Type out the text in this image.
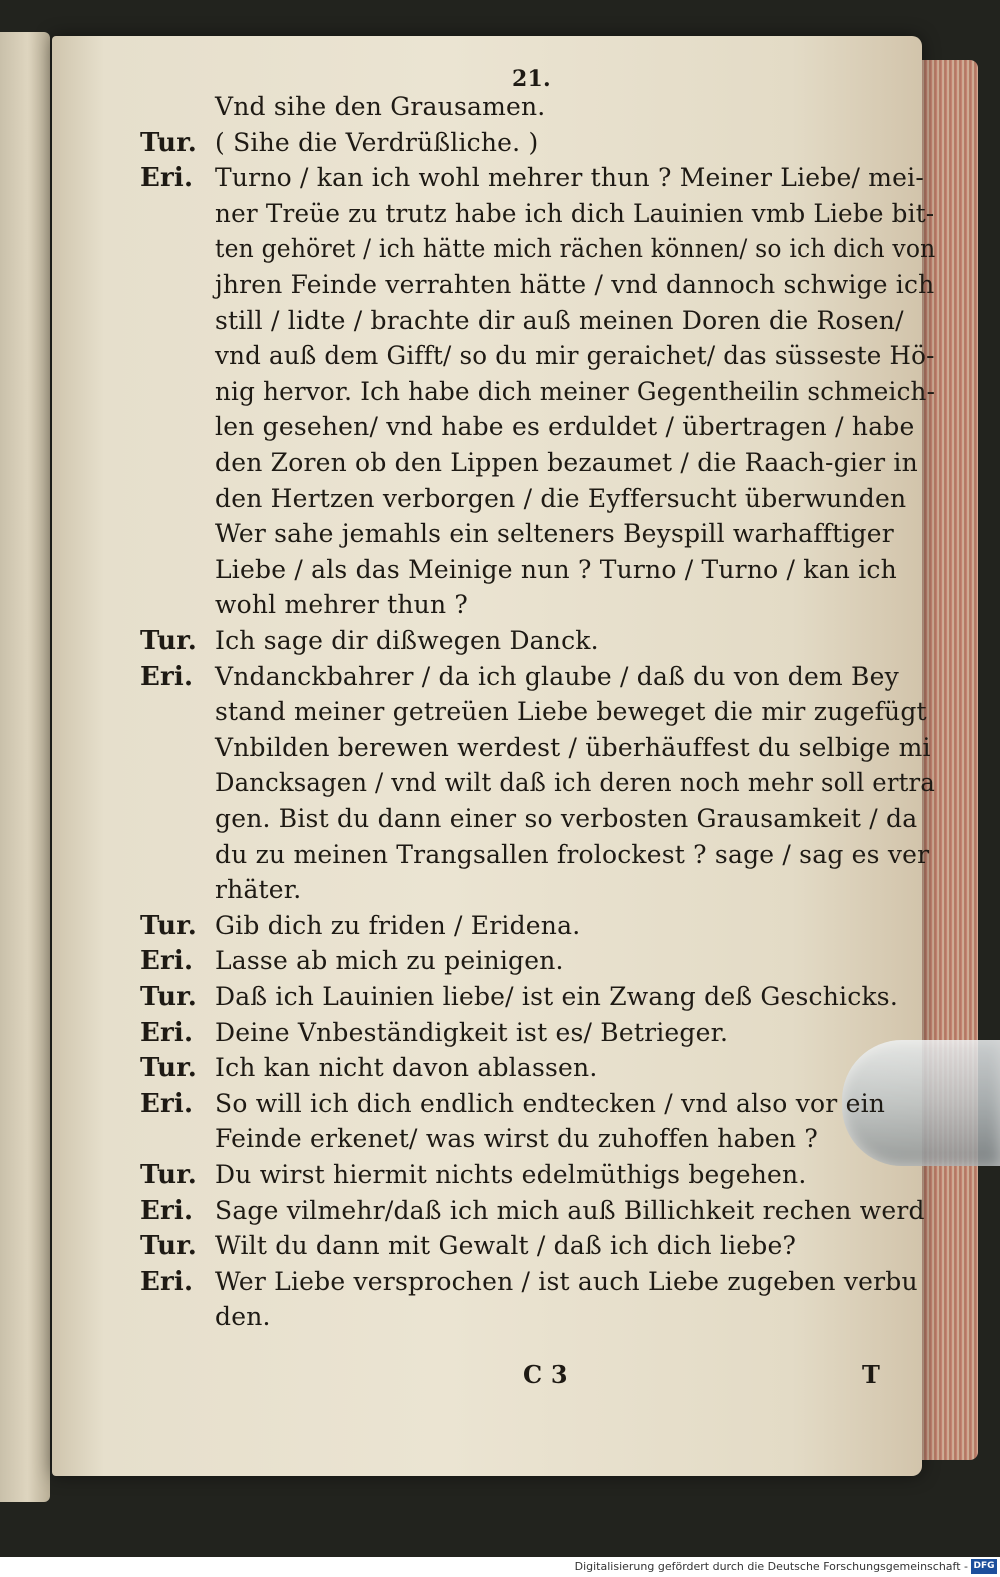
21.
Vnd sihe den Grausamen.
Tur. ( Sihe die Verdrüßliche. )
Eri. Turno / kan ich wohl mehrer thun ? Meiner Liebe/ mei-
ner Treüe zu trutz habe ich dich Lauinien vmb Liebe bit-
ten gehöret / ich hätte mich rächen können/ so ich dich von
jhren Feinde verrahten hätte / vnd dannoch schwige ich
still / lidte / brachte dir auß meinen Doren die Rosen/
vnd auß dem Gifft/ so du mir geraichet/ das süsseste Hö-
nig hervor. Ich habe dich meiner Gegentheilin schmeich-
len gesehen/ vnd habe es erduldet / übertragen / habe
den Zoren ob den Lippen bezaumet / die Raach-gier in
den Hertzen verborgen / die Eyffersucht überwunden
Wer sahe jemahls ein selteners Beyspill warhafftiger
Liebe / als das Meinige nun ? Turno / Turno / kan ich
wohl mehrer thun ?
Tur. Ich sage dir dißwegen Danck.
Eri. Vndanckbahrer / da ich glaube / daß du von dem Bey
stand meiner getreüen Liebe beweget die mir zugefügt
Vnbilden berewen werdest / überhäuffest du selbige mi
Dancksagen / vnd wilt daß ich deren noch mehr soll ertra
gen. Bist du dann einer so verbosten Grausamkeit / da
du zu meinen Trangsallen frolockest ? sage / sag es ver
rhäter.
Tur. Gib dich zu friden / Eridena.
Eri. Lasse ab mich zu peinigen.
Tur. Daß ich Lauinien liebe/ ist ein Zwang deß Geschicks.
Eri. Deine Vnbeständigkeit ist es/ Betrieger.
Tur. Ich kan nicht davon ablassen.
Eri. So will ich dich endlich endtecken / vnd also vor ein
Feinde erkenet/ was wirst du zuhoffen haben ?
Tur. Du wirst hiermit nichts edelmüthigs begehen.
Eri. Sage vilmehr/daß ich mich auß Billichkeit rechen werd
Tur. Wilt du dann mit Gewalt / daß ich dich liebe?
Eri. Wer Liebe versprochen / ist auch Liebe zugeben verbu
den.
C 3	T
Digitalisierung gefördert durch die Deutsche Forschungsgemeinschaft - DFG
